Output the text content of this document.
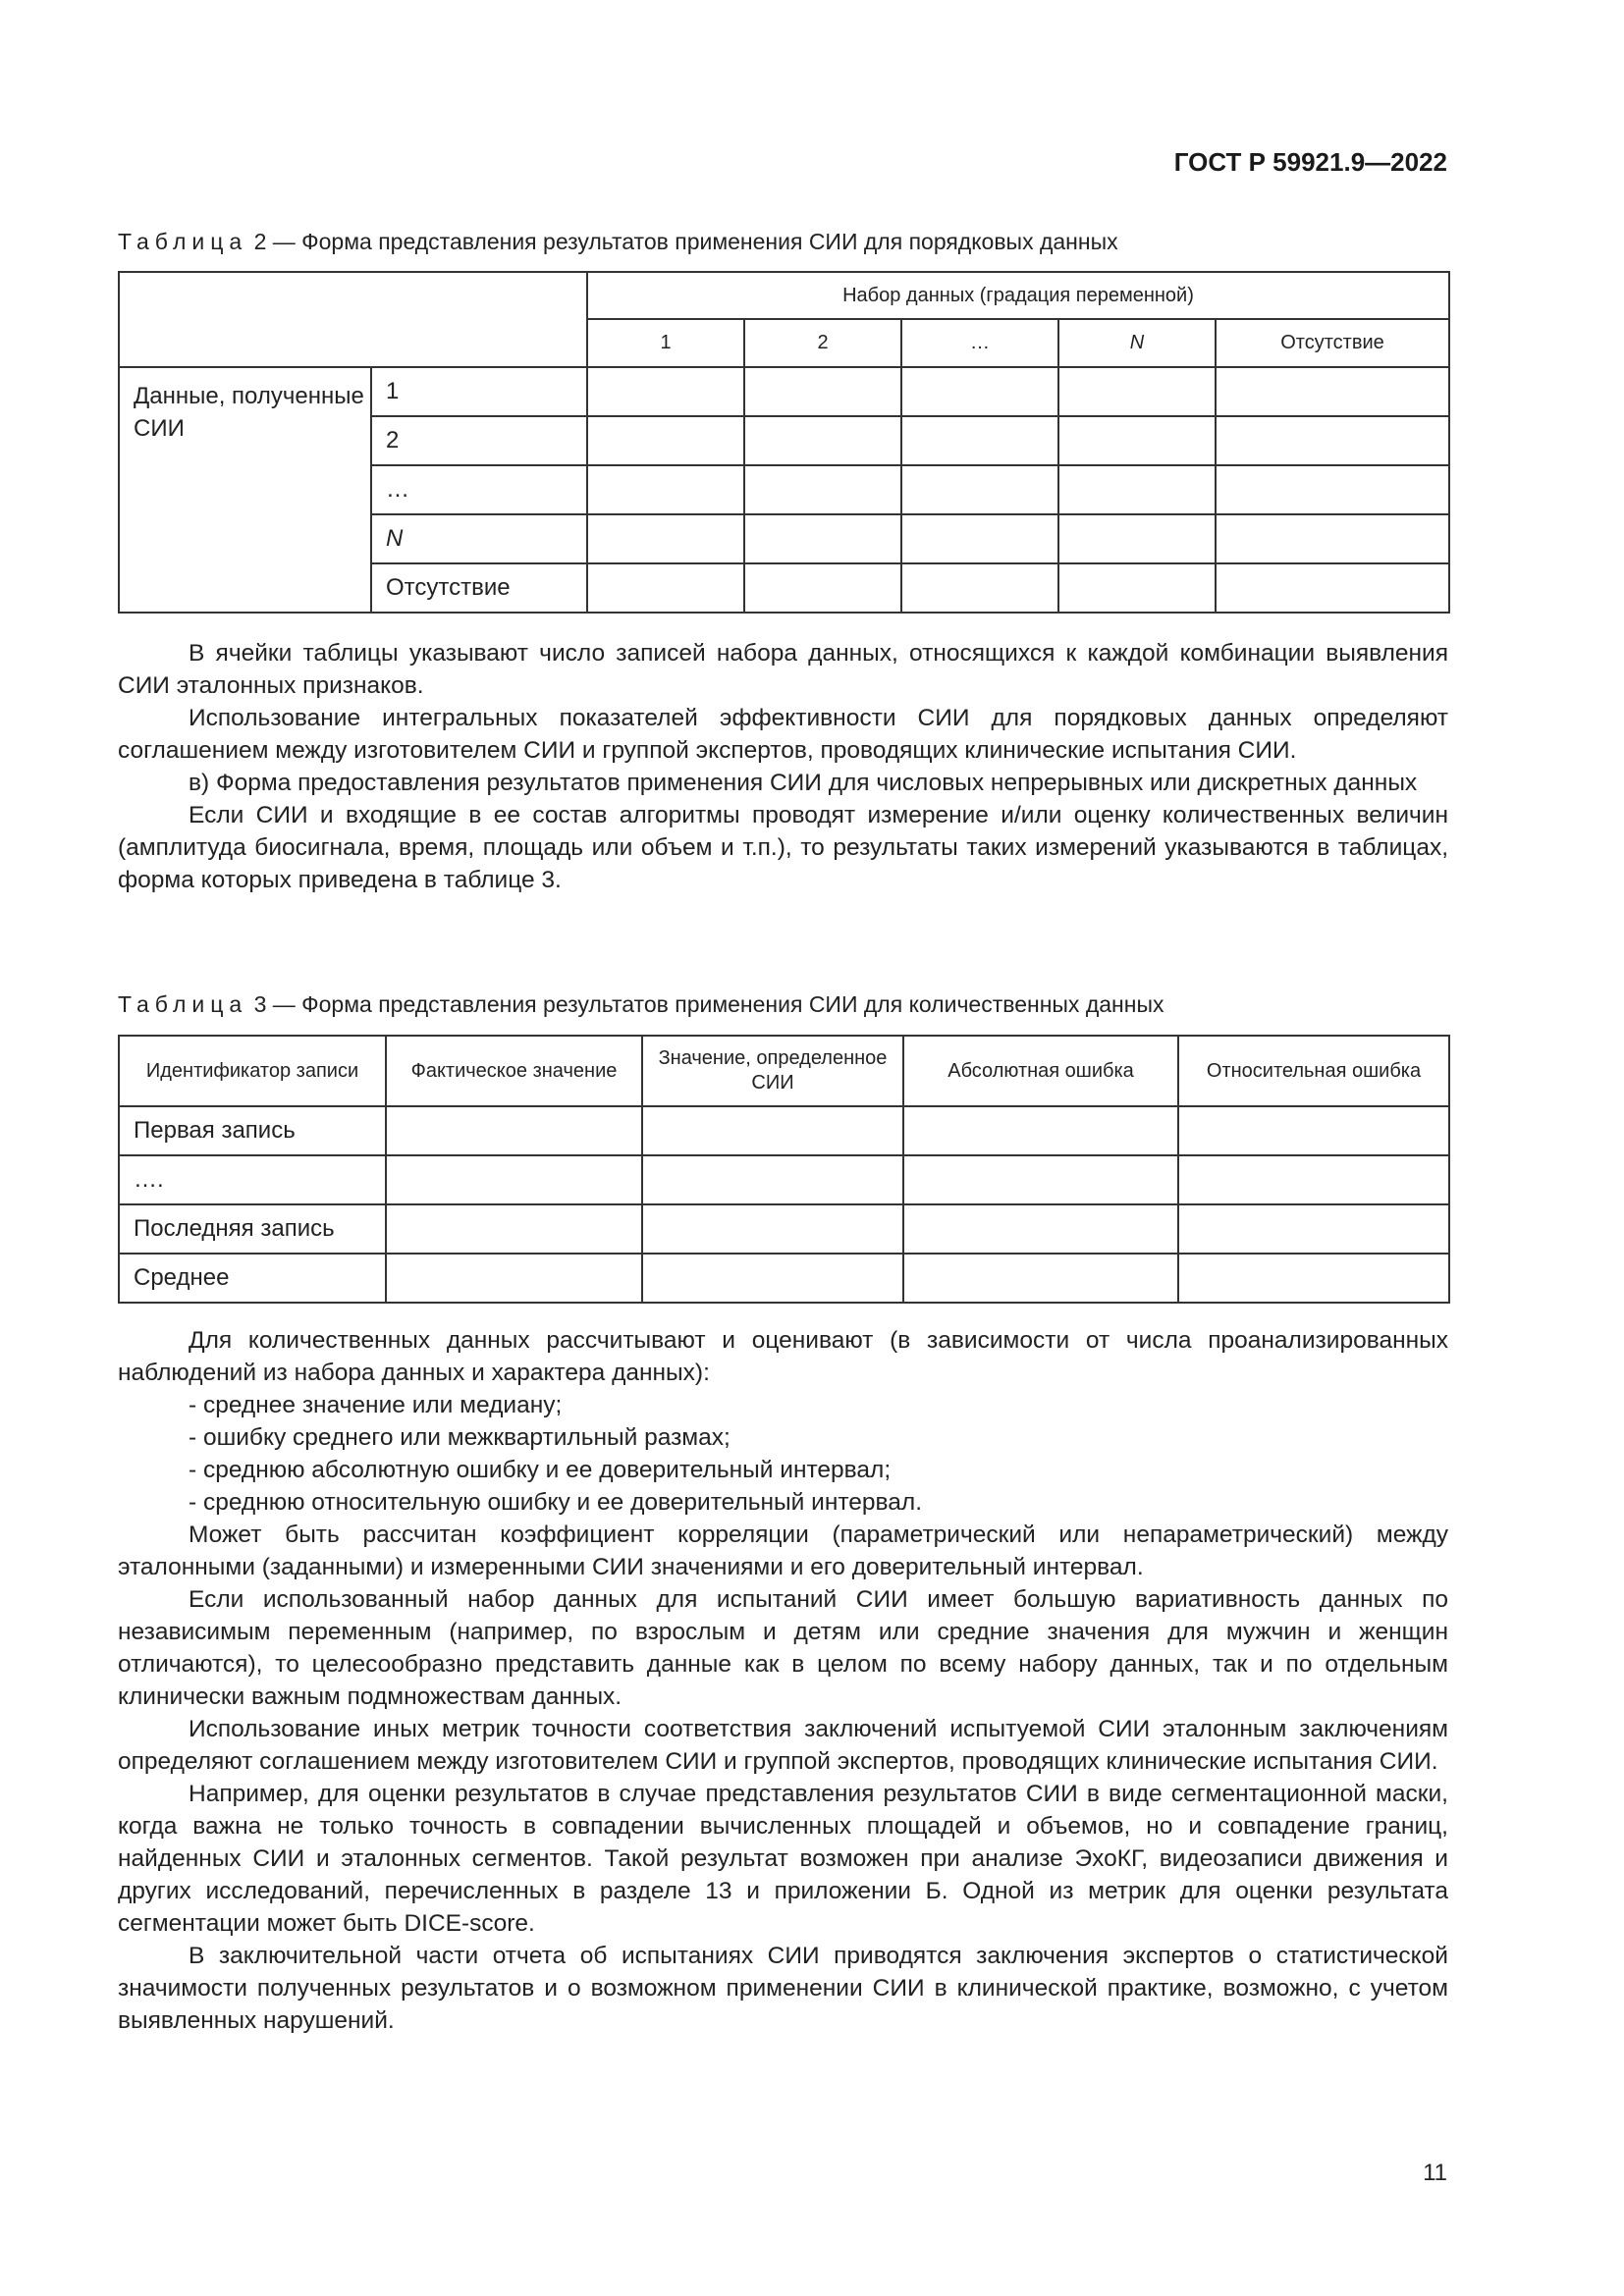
ГОСТ Р 59921.9—2022
Таблица 2 — Форма представления результатов применения СИИ для порядковых данных
		Набор данных (градация переменной)				
		1	2	…	N	Отсутствие
Данные, полученные СИИ	1					
	2					
	…					
	N					
	Отсутствие					

В ячейки таблицы указывают число записей набора данных, относящихся к каждой комбинации выявления СИИ эталонных признаков.

Использование интегральных показателей эффективности СИИ для порядковых данных определяют соглашением между изготовителем СИИ и группой экспертов, проводящих клинические испытания СИИ.

в) Форма предоставления результатов применения СИИ для числовых непрерывных или дискретных данных

Если СИИ и входящие в ее состав алгоритмы проводят измерение и/или оценку количественных величин (амплитуда биосигнала, время, площадь или объем и т.п.), то результаты таких измерений указываются в таблицах, форма которых приведена в таблице 3.

Таблица 3 — Форма представления результатов применения СИИ для количественных данных
Идентификатор записи	Фактическое значение	Значение, определенное СИИ	Абсолютная ошибка	Относительная ошибка
Первая запись				
….				
Последняя запись				
Среднее				

Для количественных данных рассчитывают и оценивают (в зависимости от числа проанализированных наблюдений из набора данных и характера данных):

- среднее значение или медиану;

- ошибку среднего или межквартильный размах;

- среднюю абсолютную ошибку и ее доверительный интервал;

- среднюю относительную ошибку и ее доверительный интервал.

Может быть рассчитан коэффициент корреляции (параметрический или непараметрический) между эталонными (заданными) и измеренными СИИ значениями и его доверительный интервал.

Если использованный набор данных для испытаний СИИ имеет большую вариативность данных по независимым переменным (например, по взрослым и детям или средние значения для мужчин и женщин отличаются), то целесообразно представить данные как в целом по всему набору данных, так и по отдельным клинически важным подмножествам данных.

Использование иных метрик точности соответствия заключений испытуемой СИИ эталонным заключениям определяют соглашением между изготовителем СИИ и группой экспертов, проводящих клинические испытания СИИ.

Например, для оценки результатов в случае представления результатов СИИ в виде сегментационной маски, когда важна не только точность в совпадении вычисленных площадей и объемов, но и совпадение границ, найденных СИИ и эталонных сегментов. Такой результат возможен при анализе ЭхоКГ, видеозаписи движения и других исследований, перечисленных в разделе 13 и приложении Б. Одной из метрик для оценки результата сегментации может быть DICE-score.

В заключительной части отчета об испытаниях СИИ приводятся заключения экспертов о статистической значимости полученных результатов и о возможном применении СИИ в клинической практике, возможно, с учетом выявленных нарушений.

11
